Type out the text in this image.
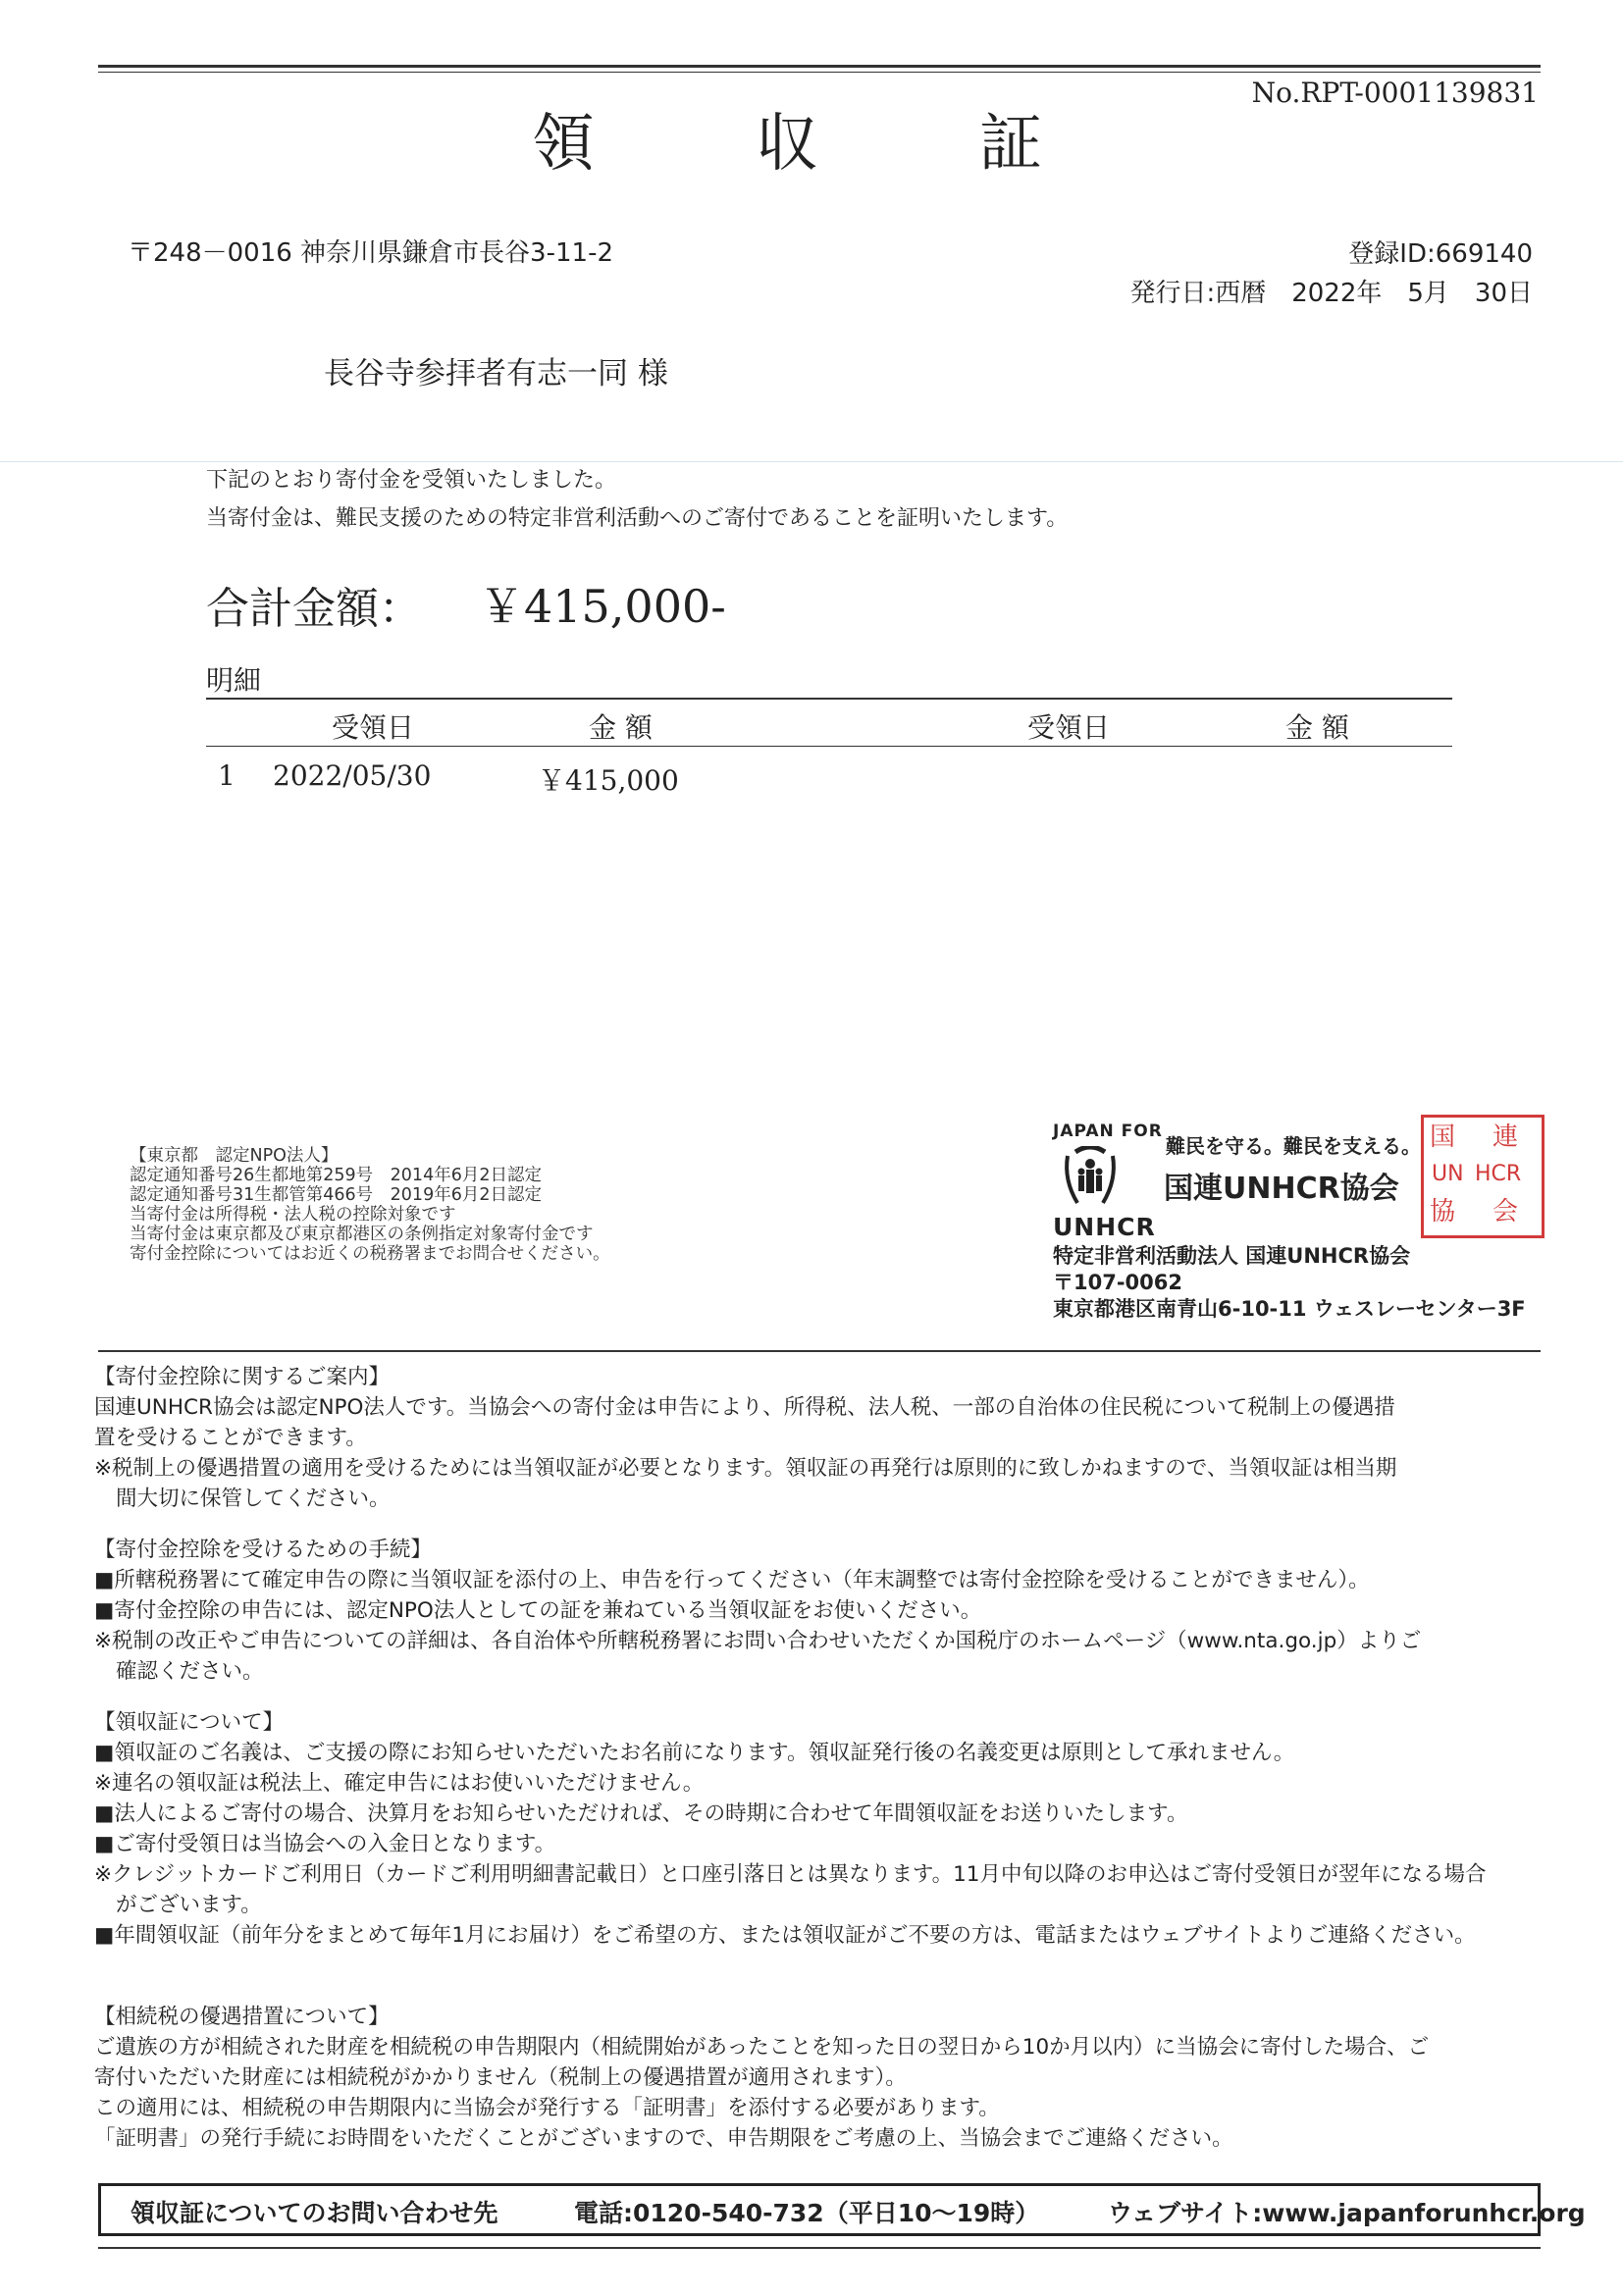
No.RPT-0001139831
領　収　証
〒248－0016 神奈川県鎌倉市長谷3-11-2	登録ID:669140
発行日:西暦　2022年　5月　30日
長谷寺参拝者有志一同 様
下記のとおり寄付金を受領いたしました。
当寄付金は、難民支援のための特定非営利活動へのご寄付であることを証明いたします。
合計金額： ￥415,000-
明細
受領日	金 額	受領日	金 額
1 2022/05/30	￥415,000
【東京都　認定NPO法人】
認定通知番号26生都地第259号　2014年6月2日認定
認定通知番号31生都管第466号　2019年6月2日認定
当寄付金は所得税・法人税の控除対象です
当寄付金は東京都及び東京都港区の条例指定対象寄付金です
寄付金控除についてはお近くの税務署までお問合せください。
JAPAN FOR
UNHCR
難民を守る。難民を支える。
国連UNHCR協会
国 連
UN HCR
協 会
特定非営利活動法人 国連UNHCR協会
〒107-0062
東京都港区南青山6-10-11 ウェスレーセンター3F
【寄付金控除に関するご案内】
国連UNHCR協会は認定NPO法人です。当協会への寄付金は申告により、所得税、法人税、一部の自治体の住民税について税制上の優遇措
置を受けることができます。
※税制上の優遇措置の適用を受けるためには当領収証が必要となります。領収証の再発行は原則的に致しかねますので、当領収証は相当期
間大切に保管してください。
【寄付金控除を受けるための手続】
■所轄税務署にて確定申告の際に当領収証を添付の上、申告を行ってください（年末調整では寄付金控除を受けることができません）。
■寄付金控除の申告には、認定NPO法人としての証を兼ねている当領収証をお使いください。
※税制の改正やご申告についての詳細は、各自治体や所轄税務署にお問い合わせいただくか国税庁のホームページ（www.nta.go.jp）よりご
確認ください。
【領収証について】
■領収証のご名義は、ご支援の際にお知らせいただいたお名前になります。領収証発行後の名義変更は原則として承れません。
※連名の領収証は税法上、確定申告にはお使いいただけません。
■法人によるご寄付の場合、決算月をお知らせいただければ、その時期に合わせて年間領収証をお送りいたします。
■ご寄付受領日は当協会への入金日となります。
※クレジットカードご利用日（カードご利用明細書記載日）と口座引落日とは異なります。11月中旬以降のお申込はご寄付受領日が翌年になる場合
がございます。
■年間領収証（前年分をまとめて毎年1月にお届け）をご希望の方、または領収証がご不要の方は、電話またはウェブサイトよりご連絡ください。
【相続税の優遇措置について】
ご遺族の方が相続された財産を相続税の申告期限内（相続開始があったことを知った日の翌日から10か月以内）に当協会に寄付した場合、ご
寄付いただいた財産には相続税がかかりません（税制上の優遇措置が適用されます）。
この適用には、相続税の申告期限内に当協会が発行する「証明書」を添付する必要があります。
「証明書」の発行手続にお時間をいただくことがございますので、申告期限をご考慮の上、当協会までご連絡ください。
領収証についてのお問い合わせ先	電話:0120-540-732（平日10～19時）	ウェブサイト:www.japanforunhcr.org
